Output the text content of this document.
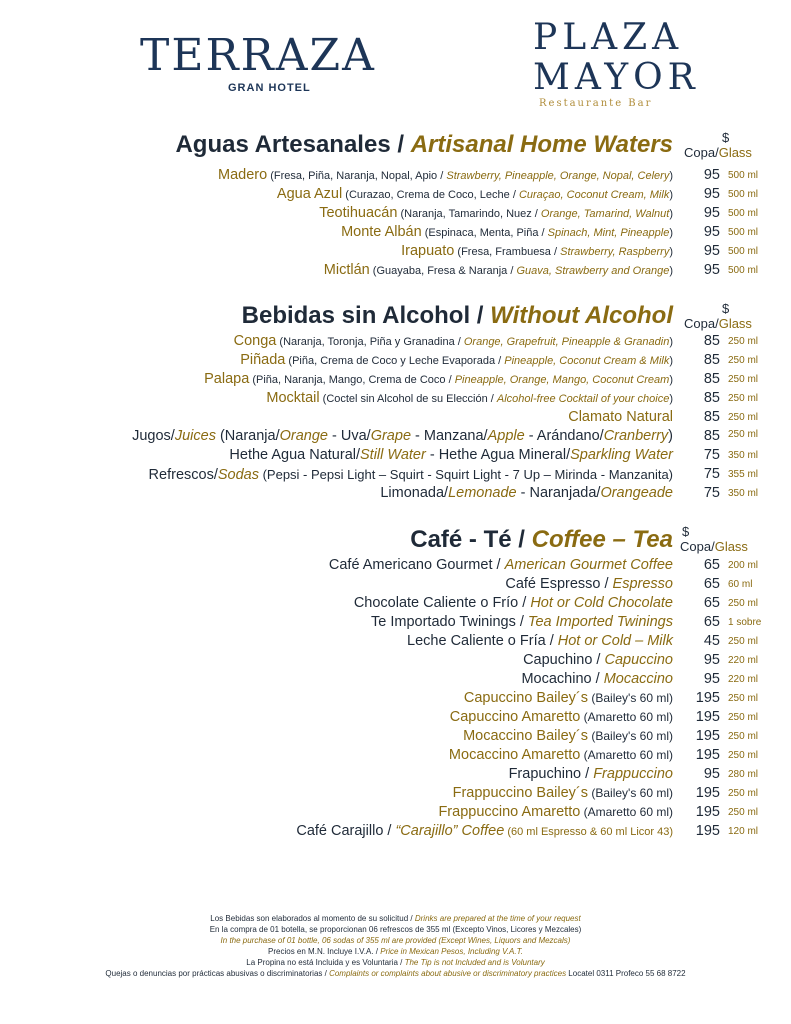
TERRAZA
GRAN HOTEL
PLAZA
MAYOR
Restaurante Bar
Aguas Artesanales / Artisanal Home Waters	$
Copa/Glass
Madero (Fresa, Piña, Naranja, Nopal, Apio / Strawberry, Pineapple, Orange, Nopal, Celery)	95 500 ml
Agua Azul (Curazao, Crema de Coco, Leche / Curaçao, Coconut Cream, Milk)	95 500 ml
Teotihuacán (Naranja, Tamarindo, Nuez / Orange, Tamarind, Walnut)	95 500 ml
Monte Albán (Espinaca, Menta, Piña / Spinach, Mint, Pineapple)	95 500 ml
Irapuato (Fresa, Frambuesa / Strawberry, Raspberry)	95 500 ml
Mictlán (Guayaba, Fresa & Naranja / Guava, Strawberry and Orange)	95 500 ml
Bebidas sin Alcohol / Without Alcohol	$
Copa/Glass
Conga (Naranja, Toronja, Piña y Granadina / Orange, Grapefruit, Pineapple & Granadin)	85 250 ml
Piñada (Piña, Crema de Coco y Leche Evaporada / Pineapple, Coconut Cream & Milk)	85 250 ml
Palapa (Piña, Naranja, Mango, Crema de Coco / Pineapple, Orange, Mango, Coconut Cream)	85 250 ml
Mocktail (Coctel sin Alcohol de su Elección / Alcohol-free Cocktail of your choice)	85 250 ml
Clamato Natural	85 250 ml
Jugos/Juices (Naranja/Orange - Uva/Grape - Manzana/Apple - Arándano/Cranberry)	85 250 ml
Hethe Agua Natural/Still Water - Hethe Agua Mineral/Sparkling Water	75 350 ml
Refrescos/Sodas (Pepsi - Pepsi Light – Squirt - Squirt Light - 7 Up – Mirinda - Manzanita)	75 355 ml
Limonada/Lemonade - Naranjada/Orangeade	75 350 ml
Café - Té / Coffee – Tea $
Copa/Glass
Café Americano Gourmet / American Gourmet Coffee	65 200 ml
Café Espresso / Espresso	65 60 ml
Chocolate Caliente o Frío / Hot or Cold Chocolate	65 250 ml
Te Importado Twinings / Tea Imported Twinings	65 1 sobre
Leche Caliente o Fría / Hot or Cold – Milk	45 250 ml
Capuchino / Capuccino	95 220 ml
Mocachino / Mocaccino	95 220 ml
Capuccino Bailey´s (Bailey's 60 ml)	195 250 ml
Capuccino Amaretto (Amaretto 60 ml)	195 250 ml
Mocaccino Bailey´s (Bailey's 60 ml)	195 250 ml
Mocaccino Amaretto (Amaretto 60 ml)	195 250 ml
Frapuchino / Frappuccino	95 280 ml
Frappuccino Bailey´s (Bailey's 60 ml)	195 250 ml
Frappuccino Amaretto (Amaretto 60 ml)	195 250 ml
Café Carajillo / “Carajillo” Coffee (60 ml Espresso & 60 ml Licor 43)	195 120 ml
Los Bebidas son elaborados al momento de su solicitud / Drinks are prepared at the time of your request
En la compra de 01 botella, se proporcionan 06 refrescos de 355 ml (Excepto Vinos, Licores y Mezcales)
In the purchase of 01 bottle, 06 sodas of 355 ml are provided (Except Wines, Liquors and Mezcals)
Precios en M.N. Incluye I.V.A. / Price in Mexican Pesos, Including V.A.T.
La Propina no está Incluida y es Voluntaria / The Tip is not Included and is Voluntary
Quejas o denuncias por prácticas abusivas o discriminatorias / Complaints or complaints about abusive or discriminatory practices Locatel 0311 Profeco 55 68 8722
